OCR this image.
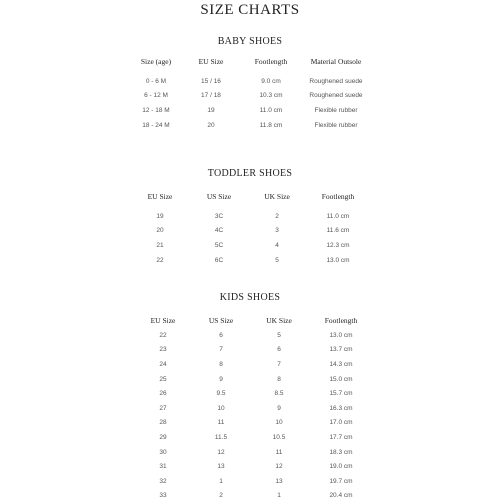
SIZE CHARTS
BABY SHOES
Size (age)	EU Size	Footlength	Material Outsole

0 - 6 M	15 / 16	9.0 cm	Roughened suede
6 - 12 M	17 / 18	10.3 cm	Roughened suede
12 - 18 M	19	11.0 cm	Flexible rubber
18 - 24 M	20	11.8 cm	Flexible rubber
TODDLER SHOES
EU Size	US Size	UK Size	Footlength

19	3C	2	11.0 cm
20	4C	3	11.6 cm
21	5C	4	12.3 cm
22	6C	5	13.0 cm
KIDS SHOES
EU Size	US Size	UK Size	Footlength

22	6	5	13.0 cm
23	7	6	13.7 cm
24	8	7	14.3 cm
25	9	8	15.0 cm
26	9.5	8.5	15.7 cm
27	10	9	16.3 cm
28	11	10	17.0 cm
29	11.5	10.5	17.7 cm
30	12	11	18.3 cm
31	13	12	19.0 cm
32	1	13	19.7 cm
33	2	1	20.4 cm
